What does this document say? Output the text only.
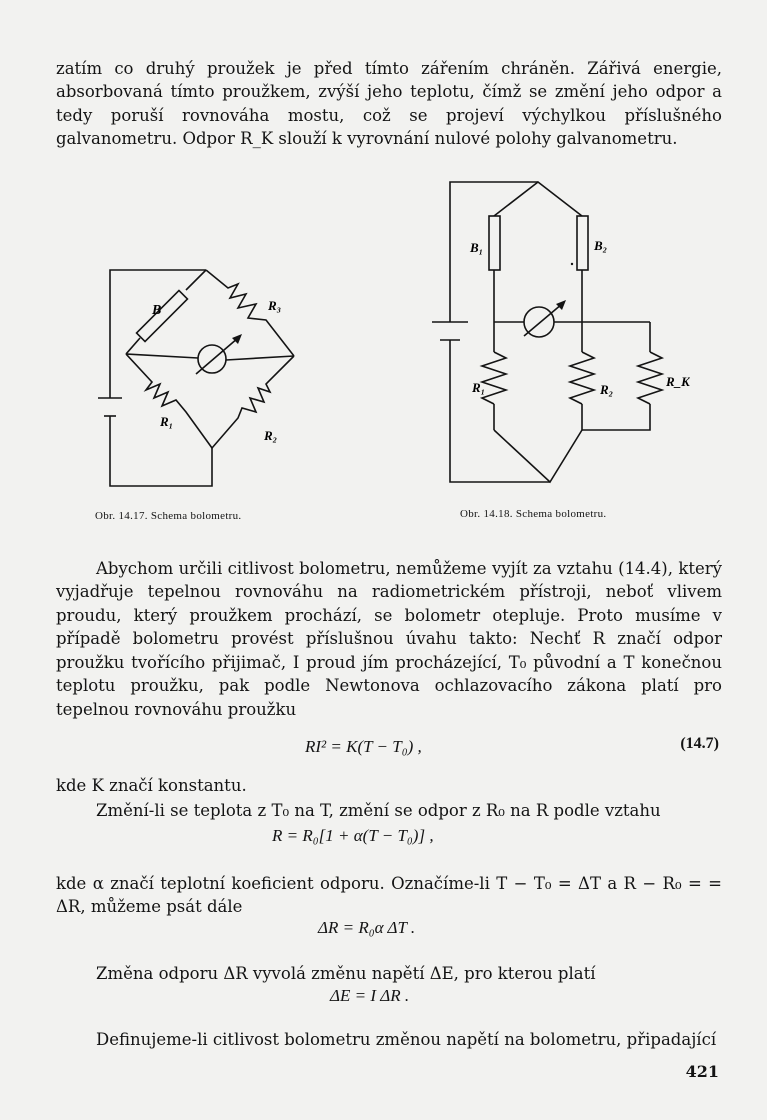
zatím co druhý proužek je před tímto zářením chráněn. Zářivá energie, absorbovaná tímto proužkem, zvýší jeho teplotu, čímž se změní jeho odpor a tedy poruší rovnováha mostu, což se projeví výchylkou příslušného galvanometru. Odpor R_K slouží k vyrovnání nulové polohy galvanometru.

B	R₃
R₁
R₂
Obr. 14.17. Schema bolometru.
B₁	B₂
R₁	R₂
R_K
Obr. 14.18. Schema bolometru.

Abychom určili citlivost bolometru, nemůžeme vyjít za vztahu (14.4), který vyjadřuje tepelnou rovnováhu na radiometrickém přístroji, neboť vlivem proudu, který proužkem prochází, se bolometr otepluje. Proto musíme v případě bolometru provést příslušnou úvahu takto: Nechť R značí odpor proužku tvořícího přijimač, I proud jím procházející, T₀ původní a T konečnou teplotu proužku, pak podle Newtonova ochlazovacího zákona platí pro tepelnou rovnováhu proužku

RI² = K(T − T₀) ,	(14.7)

kde K značí konstantu.

Změní-li se teplota z T₀ na T, změní se odpor z R₀ na R podle vztahu

R = R₀[1 + α(T − T₀)] ,

kde α značí teplotní koeficient odporu. Označíme-li T − T₀ = ΔT a R − R₀ = = ΔR, můžeme psát dále

ΔR = R₀α ΔT .

Změna odporu ΔR vyvolá změnu napětí ΔE, pro kterou platí

ΔE = I ΔR .

Definujeme-li citlivost bolometru změnou napětí na bolometru, připadající

421
